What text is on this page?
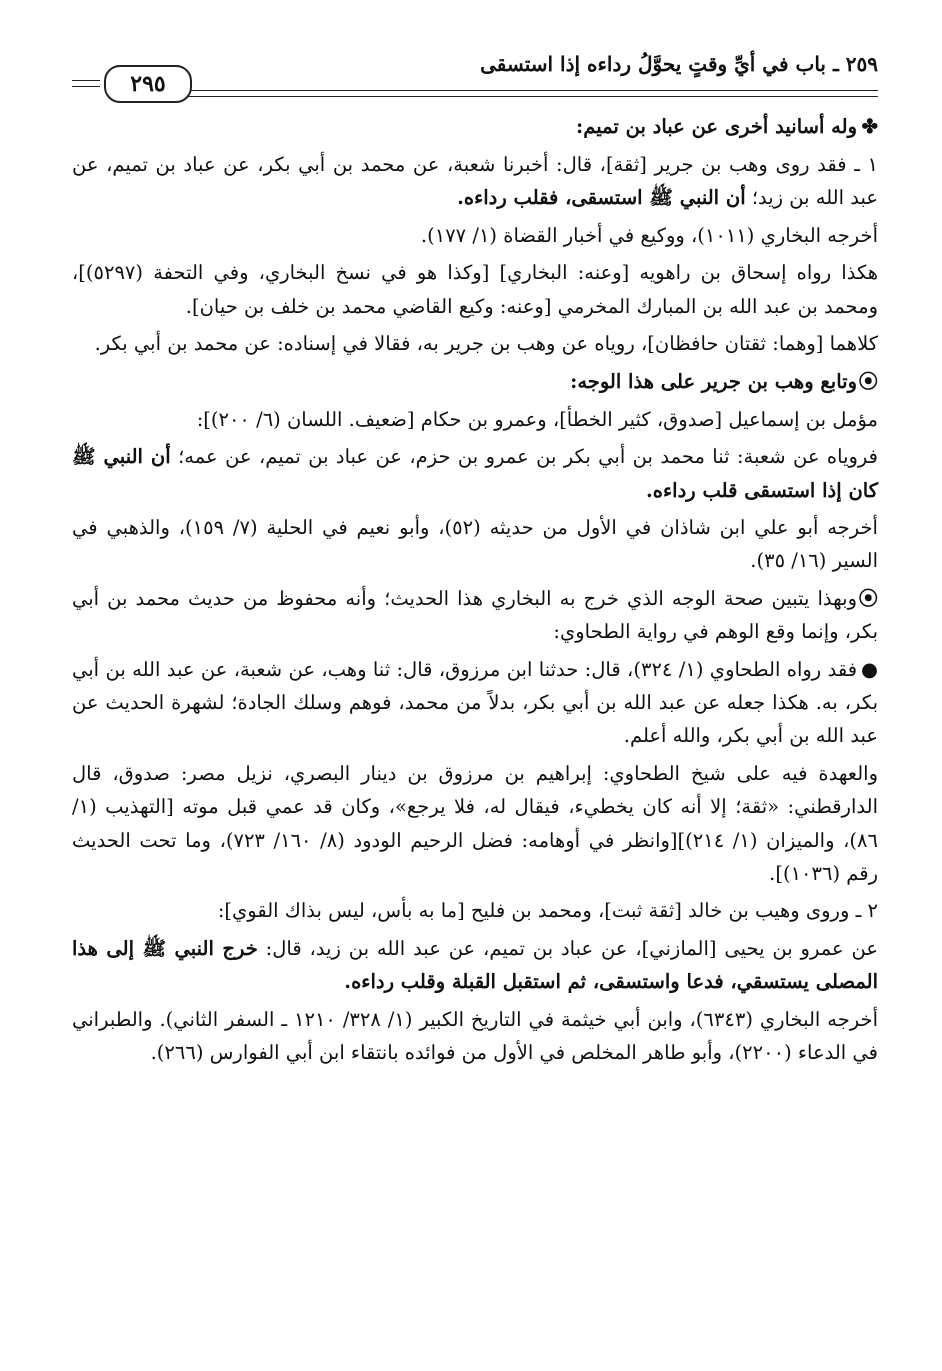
٢٥٩ ـ باب في أيِّ وقتٍ يحوَّلُ رداءه إذا استسقى
٢٩٥

✤وله أسانيد أخرى عن عباد بن تميم:

١ ـ فقد روى وهب بن جرير [ثقة]، قال: أخبرنا شعبة، عن محمد بن أبي بكر، عن عباد بن تميم، عن عبد الله بن زيد؛ أن النبي ﷺ استسقى، فقلب رداءه.

أخرجه البخاري (١٠١١)، ووكيع في أخبار القضاة (١/ ١٧٧).

هكذا رواه إسحاق بن راهويه [وعنه: البخاري] [وكذا هو في نسخ البخاري، وفي التحفة (٥٢٩٧)]، ومحمد بن عبد الله بن المبارك المخرمي [وعنه: وكيع القاضي محمد بن خلف بن حيان].

كلاهما [وهما: ثقتان حافظان]، روياه عن وهب بن جرير به، فقالا في إسناده: عن محمد بن أبي بكر.

⦿وتابع وهب بن جرير على هذا الوجه:

مؤمل بن إسماعيل [صدوق، كثير الخطأ]، وعمرو بن حكام [ضعيف. اللسان (٦/ ٢٠٠)]:

فروياه عن شعبة: ثنا محمد بن أبي بكر بن عمرو بن حزم، عن عباد بن تميم، عن عمه؛ أن النبي ﷺ كان إذا استسقى قلب رداءه.

أخرجه أبو علي ابن شاذان في الأول من حديثه (٥٢)، وأبو نعيم في الحلية (٧/ ١٥٩)، والذهبي في السير (١٦/ ٣٥).

⦿وبهذا يتبين صحة الوجه الذي خرج به البخاري هذا الحديث؛ وأنه محفوظ من حديث محمد بن أبي بكر، وإنما وقع الوهم في رواية الطحاوي:

●فقد رواه الطحاوي (١/ ٣٢٤)، قال: حدثنا ابن مرزوق، قال: ثنا وهب، عن شعبة، عن عبد الله بن أبي بكر، به. هكذا جعله عن عبد الله بن أبي بكر، بدلاً من محمد، فوهم وسلك الجادة؛ لشهرة الحديث عن عبد الله بن أبي بكر، والله أعلم.

والعهدة فيه على شيخ الطحاوي: إبراهيم بن مرزوق بن دينار البصري، نزيل مصر: صدوق، قال الدارقطني: «ثقة؛ إلا أنه كان يخطيء، فيقال له، فلا يرجع»، وكان قد عمي قبل موته [التهذيب (١/ ٨٦)، والميزان (١/ ٢١٤)][وانظر في أوهامه: فضل الرحيم الودود (٨/ ١٦٠/ ٧٢٣)، وما تحت الحديث رقم (١٠٣٦)].

٢ ـ وروى وهيب بن خالد [ثقة ثبت]، ومحمد بن فليح [ما به بأس، ليس بذاك القوي]:

عن عمرو بن يحيى [المازني]، عن عباد بن تميم، عن عبد الله بن زيد، قال: خرج النبي ﷺ إلى هذا المصلى يستسقي، فدعا واستسقى، ثم استقبل القبلة وقلب رداءه.

أخرجه البخاري (٦٣٤٣)، وابن أبي خيثمة في التاريخ الكبير (١/ ٣٢٨/ ١٢١٠ ـ السفر الثاني). والطبراني في الدعاء (٢٢٠٠)، وأبو طاهر المخلص في الأول من فوائده بانتقاء ابن أبي الفوارس (٢٦٦).
